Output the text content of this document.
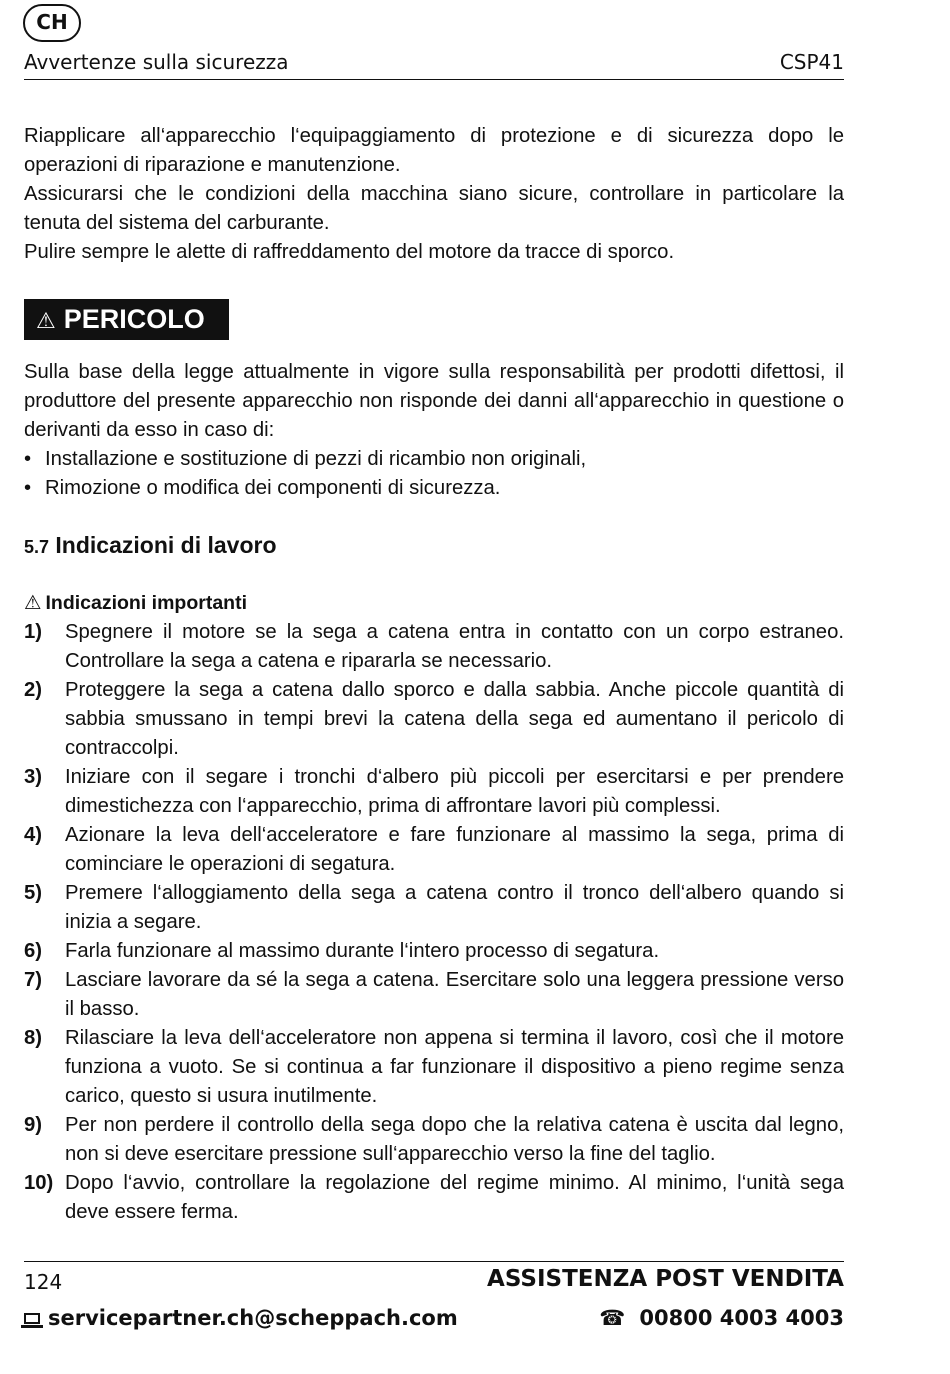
CH
Avvertenze sulla sicurezza	CSP41

Riapplicare all‘apparecchio l‘equipaggiamento di protezione e di sicurezza dopo le operazioni di riparazione e manutenzione.

Assicurarsi che le condizioni della macchina siano sicure, controllare in particolare la tenuta del sistema del carburante.

Pulire sempre le alette di raffreddamento del motore da tracce di sporco.

⚠ PERICOLO

Sulla base della legge attualmente in vigore sulla responsabilità per prodotti difettosi, il produttore del presente apparecchio non risponde dei danni all‘apparecchio in questione o derivanti da esso in caso di:

• Installazione e sostituzione di pezzi di ricambio non originali,
• Rimozione o modifica dei componenti di sicurezza.
5.7 Indicazioni di lavoro
⚠ Indicazioni importanti
1) Spegnere il motore se la sega a catena entra in contatto con un corpo estraneo. Controllare la sega a catena e ripararla se necessario.
2) Proteggere la sega a catena dallo sporco e dalla sabbia. Anche piccole quantità di sabbia smussano in tempi brevi la catena della sega ed aumentano il pericolo di contraccolpi.
3) Iniziare con il segare i tronchi d‘albero più piccoli per esercitarsi e per prendere dimestichezza con l‘apparecchio, prima di affrontare lavori più complessi.
4) Azionare la leva dell‘acceleratore e fare funzionare al massimo la sega, prima di cominciare le operazioni di segatura.
5) Premere l‘alloggiamento della sega a catena contro il tronco dell‘albero quando si inizia a segare.
6) Farla funzionare al massimo durante l‘intero processo di segatura.
7) Lasciare lavorare da sé la sega a catena. Esercitare solo una leggera pressione verso il basso.
8) Rilasciare la leva dell‘acceleratore non appena si termina il lavoro, così che il motore funziona a vuoto. Se si continua a far funzionare il dispositivo a pieno regime senza carico, questo si usura inutilmente.
9) Per non perdere il controllo della sega dopo che la relativa catena è uscita dal legno, non si deve esercitare pressione sull‘apparecchio verso la fine del taglio.
10) Dopo l‘avvio, controllare la regolazione del regime minimo. Al minimo, l‘unità sega deve essere ferma.
124	ASSISTENZA POST VENDITA
servicepartner.ch@scheppach.com	☎ 00800 4003 4003
